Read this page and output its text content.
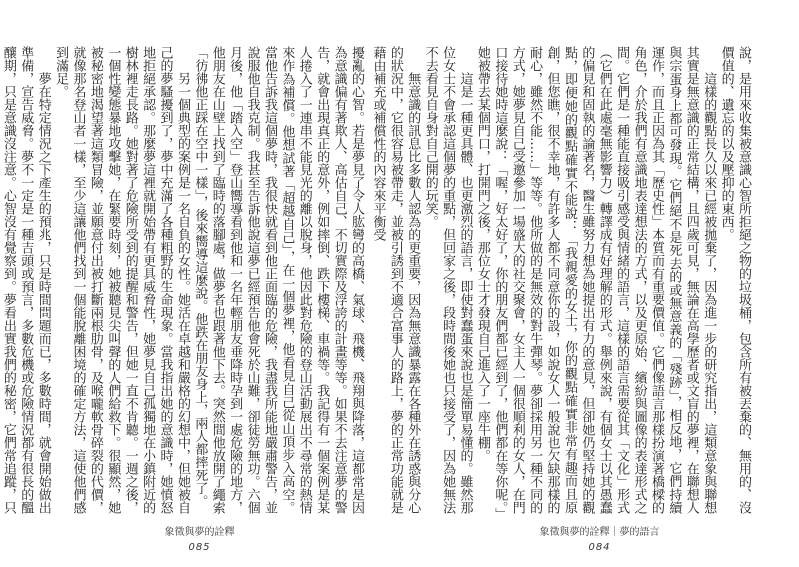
擾亂的心智。若是夢見了令人肱彎的高橋、氣球、飛機、飛翔與降落，這都常是因為意識偏有著欺人、高估自己、不切實際及浮誇的計畫等等。如果不去注意夢的警告，就會出現真正的意外，例如摔倒、跌下樓梯、車禍等。我記得有一個案例是某人捲入了一連串不能見光的離以脫身，他因此對危險的登山活動展出不尋常的熱情來作為補償。他想試著「超越自己」，在一個夢裡，他看見自己從山頂步入高空。當他告訴我這個夢時，我很快就看到他正面臨的危險，我盡我所能地嚴肅警告，並說服他自我克制。我甚至告訴他說這夢已經預告他會死於山難，卻徒勞無功。六個月後，他「踏入空」登山嚮導看到他和一名年輕朋友垂降時孕到一處危險的地方，他朋友在山壁上找到了臨時的落腳處，做夢者也跟著他下去。突然間他放開了繩索「彷彿他正踩在空中一樣」，後來嚮導這麼說。他跌在朋友身上，兩人都摔死了。

另一個典型的案例是一名自負的女性。她活在卓越和嚴格的幻想中，但她被自己的夢騷擾到了，夢中充滿了各種粗野的生命現象。當我指出她的意識時，她憤怒地拒絕承認。那麼夢這裡就開始帶有更具威脅性，她夢見自己孤獨地在小鎮附近的樹林裡走長路。她對著了危險所受到的提醒和警告，但她一直不肯聽。一週之後，一個性變態暴地攻擊她，在緊要時刻，她被聽見尖叫聲的人們給救下。很顯然，她被秘密地渴望著這類冒險，並願意付出被打斷兩根肋骨，及喉嚨軟骨碎裂的代價，就像那名登山者一樣，至少這讓他們找到一個能脫離困境的確定方法，這使他們感到滿足。

夢在特定情況之下產生的預兆，只是時間問題而已，多數時間，就會開始做出準備，宣告威脅。夢不一定是一種吉頭或預言，多數危機或危險情況都有很長的醞釀期，只是意識沒注意。心智沒有覺察到。夢看出實我們的秘密，它們常追蹤，只

象徵與夢的詮釋
085

說，是用來收集被意識心智所拒絕之物的垃圾桶，包含所有被丟棄的、無用的、沒價值的、遺忘的以及壓抑的東西。

這樣的觀點長久以來已經被拋棄了，因為進一步的研究指出，這類意象與聯想其實是無意識的正常結構，且四歲可見，無論在高學歷者或文盲的夢裡，在聯想人與宗蛋身上都可發現。它們絕不是死去的或無意義的「殘跡」，相反地，它們持續運作，而且正因為其「歷史性」本質而有重要價值。它們像語言那樣扮演著橋樑的角色，介於我們有意識地表達想法的方式，以及更原始、繽紛與圖像的表達形式之間。它們是一種能直接吸引感受與情緒的語言，這樣的語言需要從其「文化」形式（它們在此處毫無影響力）轉譯成有好理解的形式。舉例來說，有個女士以其愚蠢的偏見和固執的論著名，醫生雖努力想為她提出有力的意見，但卻她仍堅持她的觀點，即便她的觀點確實不能說：「我親愛的女士，你的觀點確實非常有趣而且原創，但您瞧，很不幸地，有許多人都不同意你的設，如說女人一般說也欠缺那樣的耐心，雖然不能……」等等。他所做的是無效的對牛彈琴。夢卻採用另一種不同的方式，她夢見自己受邀參加一場盛大的社交聚會，女主人一個很順利的女人，在門口接待她時這麼說：「喔，好太好了，你的朋友們都已經到了，他們都在等你呢。」她被帶去某個門口，打開門之後，那位女士才發現自己進入了一座牛棚。

這是一種更具體、也更激烈的語言，即使對蠢蛋來說也是簡單易懂的。雖然那位女士不會承認這個夢的重點，但回家之後，段時間後她也只接受了，因為她無法不去看見自身對自己開的玩笑。

無意識的訊息比多數人認為的更重要，因為無意識暴露在各種外在誘惑與分心的狀況中，它很容易被帶走，並被引誘到不適合富事人的路上，夢的正常功能就是藉由補充或補償性的內容來平衡受

象徵與夢的詮釋｜夢的語言
084
